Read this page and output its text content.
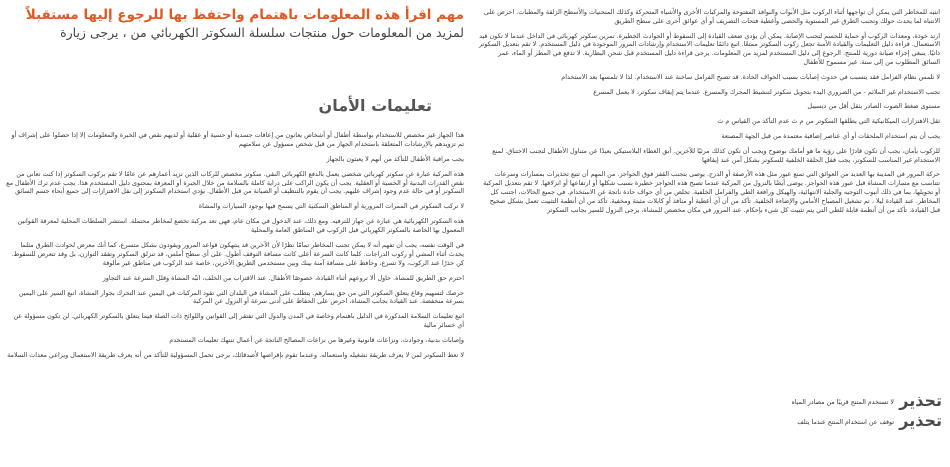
مهم اقرأ هذه المعلومات باهتمام واحتفظ بها للرجوع إليها مستقبلاً
لمزيد من المعلومات حول منتجات سلسلة السكوتر الكهربائي من ، يرجى زيارة
تعليمات الأمان

هذا الجهاز غير مخصص للاستخدام بواسطة أطفال أو أشخاص يعانون من إعاقات جسدية أو حسية أو عقلية أو لديهم نقص في الخبرة والمعلومات إلا إذا حصلوا على إشراف أو تم تزويدهم بالإرشادات المتعلقة باستخدام الجهاز من قبل شخص مسؤول عن سلامتهم

يجب مراقبة الأطفال للتأكد من أنهم لا يعبثون بالجهاز

هذه المركبة عبارة عن سكوتر كهربائي شخصي يعمل بالدفع الكهربائي النقي. سكوتر مخصص للركاب الذين تزيد أعمارهم عن عامًا لا تقم بركوب السكوتر إذا كنت تعاني من نقص القدرات البدنية أو الحسية أو العقلية. يجب أن يكون الراكب على دراية كاملة بالسلامة من خلال الخبرة أو المعرفة بمحتوى دليل المستخدم هذا. يجب عدم ترك الأطفال مع السكوتر أو في حالة عدم وجود إشراف عليهم. يجب أن يقوم بالتنظيف أو الصيانة من قبل الأطفال. يؤدي استخدام السكوتر إلى نقل الاهتزازات إلى جميع أنحاء جسم السائق

لا تركب السكوتر في الممرات المرورية أو المناطق السكنية التي يسمح فيها بوجود السيارات والمشاة

هذه السكوتر الكهربائية هي عبارة عن جهاز للترفيه. ومع ذلك، عند الدخول في مكان عام، فهي تعد مركبة تخضع لمخاطر محتملة. استشر السلطات المحلية لمعرفة القوانين المعمول بها الخاصة بالسكوتر الكهربائي قبل الركوب في المناطق العامة والمحلية

في الوقت نفسه، يجب أن تفهم أنه لا يمكن تجنب المخاطر تمامًا نظرًا لأن الآخرين قد ينتهكون قواعد المرور ويقودون بشكل متسرع، كما أنك معرض لحوادث الطرق مثلما يحدث أثناء المشي أو ركوب الدراجات. كلما كانت السرعة أعلى كانت مسافة التوقف أطول. على أي سطح أملس، قد تنزلق السكوتر وتفقد التوازن، بل وقد تتعرض للسقوط. كن حذرًا عند الركوب، ولا تسرع، وحافظ على مسافة آمنة بينك وبين مستخدمي الطريق الآخرين، خاصة عند الركوب في مناطق غير مألوفة

احترم حق الطريق للمشاة. حاول ألا تروعهم أثناء القيادة، خصوصًا الأطفال. عند الاقتراب من الخلف، انبّه المشاة وقلل السرعة عند التجاوز

حرصك لتسهيم وقاع يتعلق السكوتر التي من حق يسارهم. يتطلب على المشاة في البلدان التي تقود المركبات في اليمين عند التحرك بجوار المشاة، اتبع السير على اليمين بسرعة منخفضة. عند القيادة بجانب المشاة، احرص على الحفاظ على أدنى سرعة أو النزول عن المركبة

اتبع تعليمات السلامة المذكورة في الدليل باهتمام وخاصة في المدن والدول التي تفتقر إلى القوانين واللوائح ذات الصلة فيما يتعلق بالسكوتر الكهربائي. لن تكون مسؤولة عن أي خسائر مالية

وإصابات بدنية، وحوادث، ونزاعات قانونية وغيرها من نزاعات المصالح الناتجة عن أعمال تنتهك تعليمات المستخدم

لا تعط السكوتر لمن لا يعرف طريقة تشغيله واستعماله. وعندما تقوم بإقراضها لأصدقائك، يرجى تحمل المسؤولية للتأكد من أنه يعرف طريقة الاستعمال ويراعي معدات السلامة

انتبه للمخاطر التي يمكن أن تواجهها أثناء الركوب مثل الأبواب والنوافذ المفتوحة والمركبات الأخرى والأشياء المتحركة وكذلك المنحنيات والأسطح الزلقة والمطبات. احرص على الانتباه لما يحدث حولك وتجنب الطرق غير المستوية والحصى وأغطية فتحات التصريف أو أي عوائق أخرى على سطح الطريق

ارتد خوذة، ومعدات الركوب أو حماية للجسم لتجنب الإصابة. يمكن أن يؤدي ضعف القيادة إلى السقوط أو الحوادث الخطيرة. تمرين سكوتر كهربائي في الداخل عندما لا تكون قيد الاستعمال. قراءة دليل التعليمات والقيادة الآمنة تجعل ركوب السكوتر ممتعًا. اتبع دائمًا تعليمات الاستخدام وإرشادات المرور الموجودة في دليل المستخدم. لا تقم بتعديل السكوتر ذاتيًا. ينبغي إجراء صيانة دورية للمنتج. الرجوع إلى دليل المستخدم لمزيد من المعلومات. يرجى قراءة دليل المستخدم قبل شحن البطارية. لا تدفع في المطر أو الماء، عمر السائق المطلوب من إلى سنة. غير مسموح للأطفال

لا تلمس نظام الفرامل فقد يتسبب في حدوث إصابات بسبب الحواف الحادة. قد تصبح الفرامل ساخنة عند الاستخدام. لذا لا تلمسها بعد الاستخدام

تجنب الاستخدام غير الملائم - من الضروري البدء بتحويل سكوتر لتنشيط المحرك والمسرع. عندما يتم إيقاف سكوتر، لا يعمل المسرع

مستوى ضغط الصوت الصادر بثقل أقل من ديسيبل

ثقل الاهتزازات الميكانيكية التي يطلقها السكوتر من م ث عدم التأكد من القياس م ث

يجب أن يتم استخدام الملحقات أو أي عناصر إضافية معتمدة من قبل الجهة المصنعة

للركوب بأمان، يجب أن تكون قادرًا على رؤية ما هو أمامك بوضوح ويجب أن تكون كذلك مرئيًا للآخرين. أبق الغطاء البلاستيكي بعيدًا عن متناول الأطفال لتجنب الاختناق. لمنع الاستخدام غير المناسب للسكوتر، يجب قفل الحلقة الخلفية للسكوتر بشكل آمن عند إيقافها

حركة المرور في المدينة بها العديد من العوائق التي تمنع عبور مثل هذه الأرصفة أو الدرج. يوصى بتجنب القفز فوق الحواجز. من المهم أن تتبع تحذيرات بمسارات وسرعات تتناسب مع مسارات المشاة قبل عبور هذه الحواجز. يوصى أيضًا بالنزول من المركبة عندما تصبح هذه الحواجز خطيرة بسبب شكلها أو ارتفاعها أو انزلاقها. لا تقم بتعديل المركبة أو تحويلها، بما في ذلك أنبوب التوجيه والجلبة الانتهائية، والهيكل ورافعة الطي والفرامل الخلفية. تخلص من أي حواف حادة ناتجة عن الاستخدام. في جميع الحالات، اجتنب كل المخاطر. عند القيادة لیلا ، تم تشغيل المصباح الأمامي والإضاءة الخلفية. تأكد من أن أي أغطية أو منافذ أو كابلات مثبتة ومخفية. تأكد من أن أنظمة التثبيت تعمل بشكل صحيح قبل القيادة. تأكد من أن أنظمة قابلة للطي التي يتم تثبيت كل شيء بإحكام. عند المرور في مكان مخصص للمشاة، يرجى النزول للسير بجانب السكوتر

تحذير
لا تستخدم المنتج قريبًا من مصادر المياه
تحذير
توقف عن استخدام المنتج عندما يتلف
